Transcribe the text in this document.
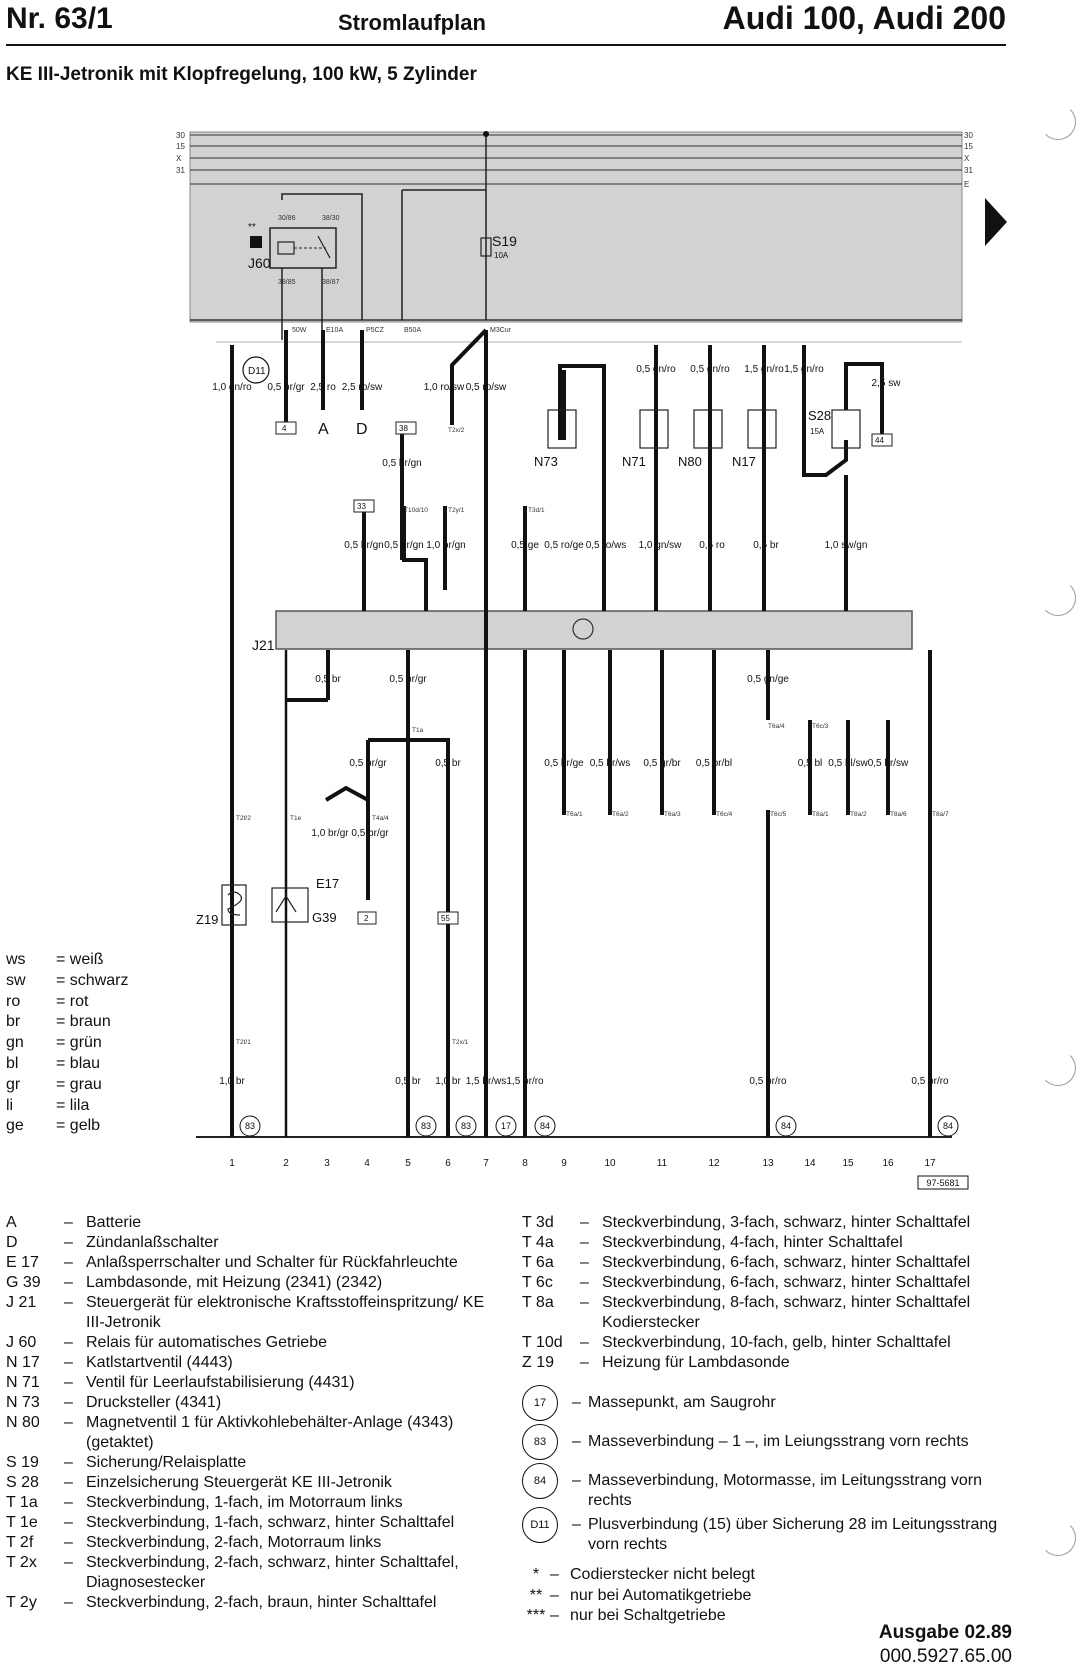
Nr. 63/1	Stromlaufplan	Audi 100, Audi 200
KE III-Jetronik mit Klopfregelung, 100 kW, 5 Zylinder
30
15
X
31
E
30
15
X
31
50W	E10A	P5CZ	B50A	M3Cur
J60
30/86	38/30
38/85	38/87
**
S19
10A
J21
D11
A D
N73	N71 N80 N17
S28
15A
E17
Z19	G39
4	38
33
44
2	55
T2x/2
T10d/10	T2y/1	T3d/1
T1a
T4a/4
T6a/4	T6c/3
T2f/2	T1e
T2x/1
T2f/1
T6a/1	T6a/2	T6a/3	T6c/4	T6c/5	T8a/1	T8a/2	T8a/6	T8a/7
1,0 gn/ro 0,5 br/gr 2,5 ro 2,5 ro/sw	1,0 ro/sw 0,5 ro/sw
0,5 gn/ro 0,5 gn/ro 1,5 gn/ro 1,5 gn/ro
2,5 sw
0,5 br/gn
0,5 br/gn 0,5 br/gn 1,0 br/gn	0,5 ge 0,5 ro/ge 0,5 ro/ws 1,0 gn/sw 0,5 ro	0,5 br	1,0 sw/gn
0,5 br	0,5 br/gr	0,5 gn/ge
0,5 br/gr	0,5 br
1,0 br/gr 0,5 br/gr
0,5 br/ge 0,5 br/ws 0,5 gr/br 0,5 br/bl	0,5 bl 0,5 bl/sw 0,5 br/sw
1,0 br	0,5 br 1,0 br 1,5 br/ws 1,5 br/ro	0,5 br/ro	0,5 br/ro
83	83	83	17	84	84	84
1	2	3	4	5	6	7	8	9	10	11	12	13	14	15	16	17
97-5681
ws = weiß
sw = schwarz
ro = rot
br = braun
gn = grün
bl = blau
gr = grau
li	= lila
ge = gelb
A	– Batterie
D	– Zündanlaßschalter
E 17 – Anlaßsperrschalter und Schalter für Rückfahrleuchte
G 39 – Lambdasonde, mit Heizung (2341) (2342)
J 21 – Steuergerät für elektronische Kraftsstoffeinspritzung/ KE III-Jetronik
J 60 – Relais für automatisches Getriebe
N 17 – Katlstartventil (4443)
N 71 – Ventil für Leerlaufstabilisierung (4431)
N 73 – Drucksteller (4341)
N 80 – Magnetventil 1 für Aktivkohlebehälter-Anlage (4343) (getaktet)
S 19 – Sicherung/Relaisplatte
S 28 – Einzelsicherung Steuergerät KE III-Jetronik
T 1a – Steckverbindung, 1-fach, im Motorraum links
T 1e – Steckverbindung, 1-fach, schwarz, hinter Schalttafel
T 2f – Steckverbindung, 2-fach, Motorraum links
T 2x – Steckverbindung, 2-fach, schwarz, hinter Schalttafel, Diagnosestecker
T 2y – Steckverbindung, 2-fach, braun, hinter Schalttafel
T 3d – Steckverbindung, 3-fach, schwarz, hinter Schalttafel
T 4a – Steckverbindung, 4-fach, hinter Schalttafel
T 6a – Steckverbindung, 6-fach, schwarz, hinter Schalttafel
T 6c – Steckverbindung, 6-fach, schwarz, hinter Schalttafel
T 8a – Steckverbindung, 8-fach, schwarz, hinter Schalttafel Kodierstecker
T 10d – Steckverbindung, 10-fach, gelb, hinter Schalttafel
Z 19 – Heizung für Lambdasonde
17	– Massepunkt, am Saugrohr
83	– Masseverbindung – 1 –, im Leiungsstrang vorn rechts
84	– Masseverbindung, Motormasse, im Leitungsstrang vorn rechts
D11	– Plusverbindung (15) über Sicherung 28 im Leitungsstrang vorn rechts
* – Codierstecker nicht belegt
** – nur bei Automatikgetriebe
*** – nur bei Schaltgetriebe
Ausgabe 02.89
000.5927.65.00
